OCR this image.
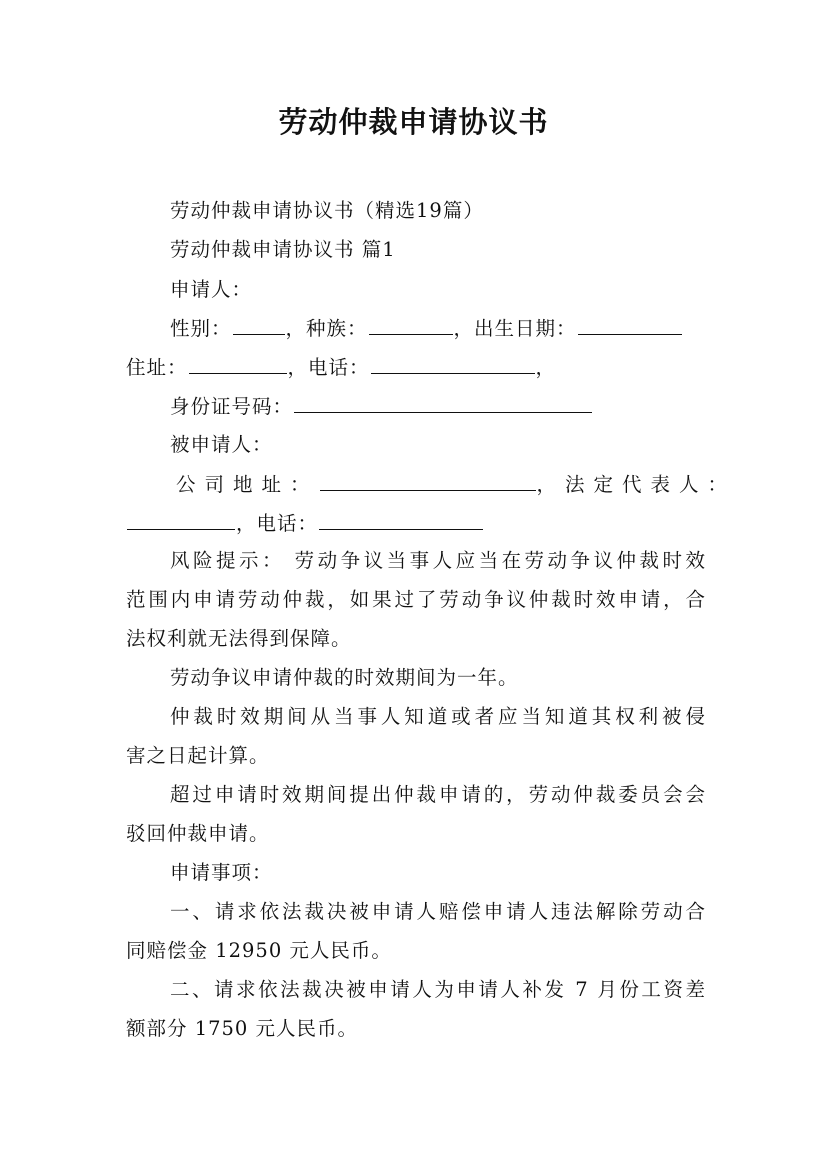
劳动仲裁申请协议书
劳动仲裁申请协议书（精选19篇）
劳动仲裁申请协议书 篇1
申请人：
性别：	，种族：	，出生日期：
住址：	，电话：	，
身份证号码：
被申请人：
公司地址：	，法定代表人：
，电话：
风险提示： 劳动争议当事人应当在劳动争议仲裁时效
范围内申请劳动仲裁，如果过了劳动争议仲裁时效申请，合
法权利就无法得到保障。
劳动争议申请仲裁的时效期间为一年。
仲裁时效期间从当事人知道或者应当知道其权利被侵
害之日起计算。
超过申请时效期间提出仲裁申请的，劳动仲裁委员会会
驳回仲裁申请。
申请事项：
一、请求依法裁决被申请人赔偿申请人违法解除劳动合
同赔偿金 12950 元人民币。
二、请求依法裁决被申请人为申请人补发 7 月份工资差
额部分 1750 元人民币。
